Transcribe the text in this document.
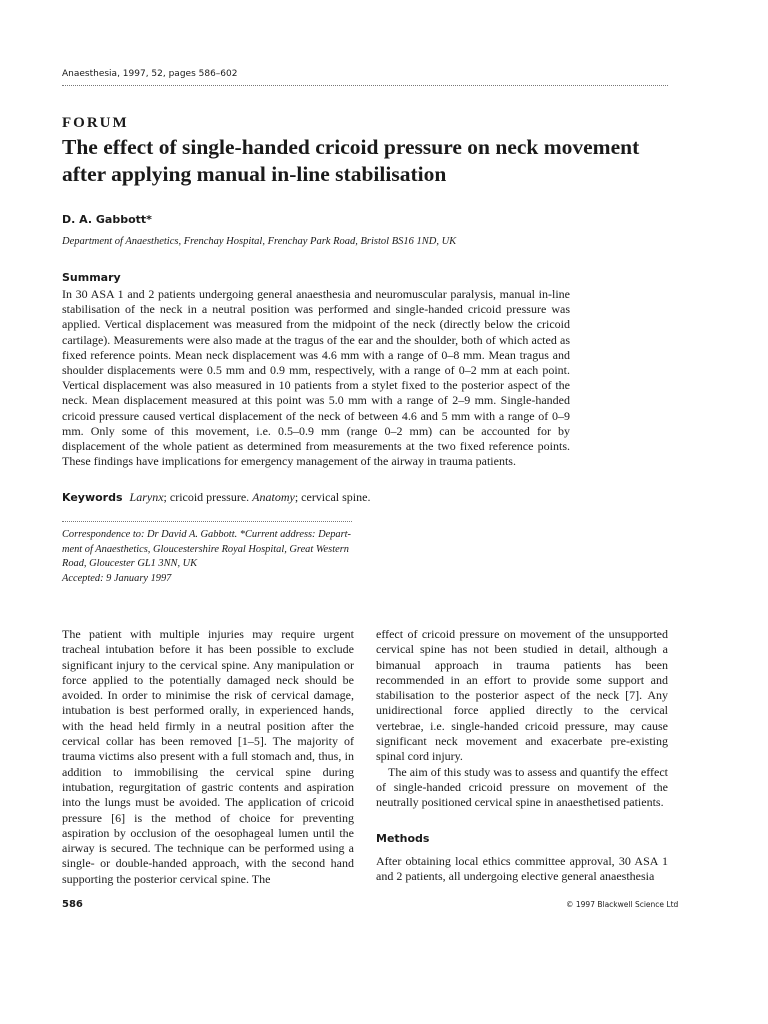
Anaesthesia, 1997, 52, pages 586–602
FORUM
The effect of single-handed cricoid pressure on neck movement after applying manual in-line stabilisation
D. A. Gabbott*
Department of Anaesthetics, Frenchay Hospital, Frenchay Park Road, Bristol BS16 1ND, UK
Summary
In 30 ASA 1 and 2 patients undergoing general anaesthesia and neuromuscular paralysis, manual in-line stabilisation of the neck in a neutral position was performed and single-handed cricoid pressure was applied. Vertical displacement was measured from the midpoint of the neck (directly below the cricoid cartilage). Measurements were also made at the tragus of the ear and the shoulder, both of which acted as fixed reference points. Mean neck displacement was 4.6 mm with a range of 0–8 mm. Mean tragus and shoulder displacements were 0.5 mm and 0.9 mm, respectively, with a range of 0–2 mm at each point. Vertical displacement was also measured in 10 patients from a stylet fixed to the posterior aspect of the neck. Mean displacement measured at this point was 5.0 mm with a range of 2–9 mm. Single-handed cricoid pressure caused vertical displacement of the neck of between 4.6 and 5 mm with a range of 0–9 mm. Only some of this movement, i.e. 0.5–0.9 mm (range 0–2 mm) can be accounted for by displacement of the whole patient as determined from measurements at the two fixed reference points. These findings have implications for emergency management of the airway in trauma patients.
Keywords Larynx; cricoid pressure. Anatomy; cervical spine.
Correspondence to: Dr David A. Gabbott. *Current address: Depart-
ment of Anaesthetics, Gloucestershire Royal Hospital, Great Western
Road, Gloucester GL1 3NN, UK
Accepted: 9 January 1997

The patient with multiple injuries may require urgent tracheal intubation before it has been possible to exclude significant injury to the cervical spine. Any manipulation or force applied to the potentially damaged neck should be avoided. In order to minimise the risk of cervical damage, intubation is best performed orally, in experienced hands, with the head held firmly in a neutral position after the cervical collar has been removed [1–5]. The majority of trauma victims also present with a full stomach and, thus, in addition to immobilising the cervical spine during intubation, regurgitation of gastric contents and aspiration into the lungs must be avoided. The application of cricoid pressure [6] is the method of choice for preventing aspiration by occlusion of the oesophageal lumen until the airway is secured. The technique can be performed using a single- or double-handed approach, with the second hand supporting the posterior cervical spine. The

effect of cricoid pressure on movement of the unsupported cervical spine has not been studied in detail, although a bimanual approach in trauma patients has been recommended in an effort to provide some support and stabilisation to the posterior aspect of the neck [7]. Any unidirectional force applied directly to the cervical vertebrae, i.e. single-handed cricoid pressure, may cause significant neck movement and exacerbate pre-existing spinal cord injury.

The aim of this study was to assess and quantify the effect of single-handed cricoid pressure on movement of the neutrally positioned cervical spine in anaesthetised patients.

Methods

After obtaining local ethics committee approval, 30 ASA 1 and 2 patients, all undergoing elective general anaesthesia

586	© 1997 Blackwell Science Ltd
